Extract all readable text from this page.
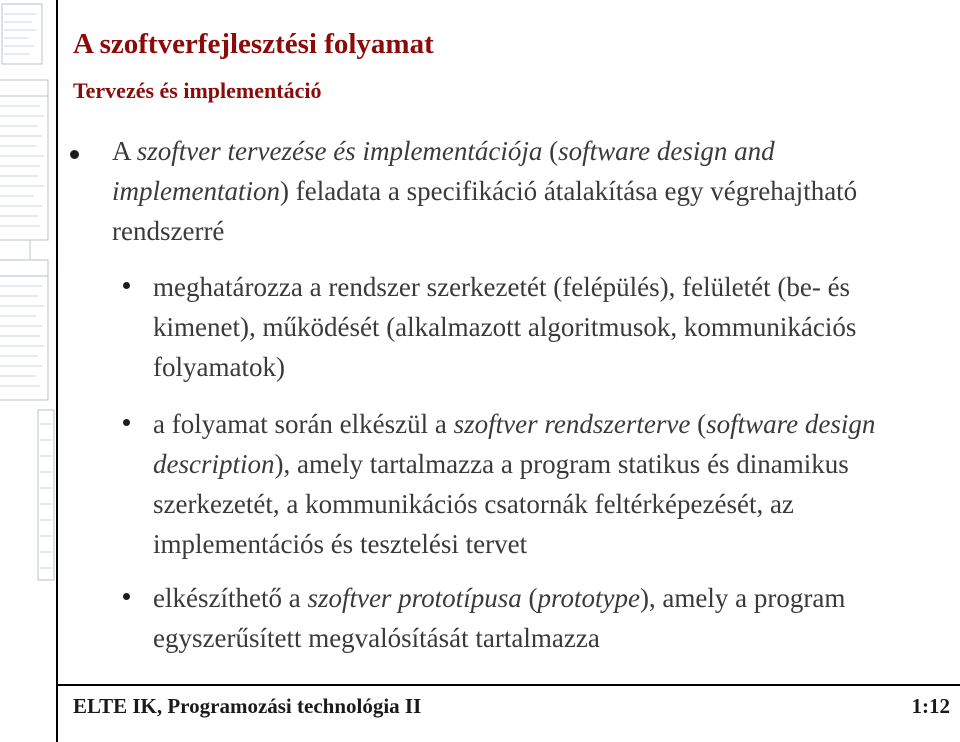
A szoftverfejlesztési folyamat
Tervezés és implementáció

A szoftver tervezése és implementációja (software design and implementation) feladata a specifikáció átalakítása egy végrehajtható rendszerré

meghatározza a rendszer szerkezetét (felépülés), felületét (be- és kimenet), működését (alkalmazott algoritmusok, kommunikációs folyamatok)

a folyamat során elkészül a szoftver rendszerterve (software design description), amely tartalmazza a program statikus és dinamikus szerkezetét, a kommunikációs csatornák feltérképezését, az implementációs és tesztelési tervet

elkészíthető a szoftver prototípusa (prototype), amely a program egyszerűsített megvalósítását tartalmazza

ELTE IK, Programozási technológia II	1:12
